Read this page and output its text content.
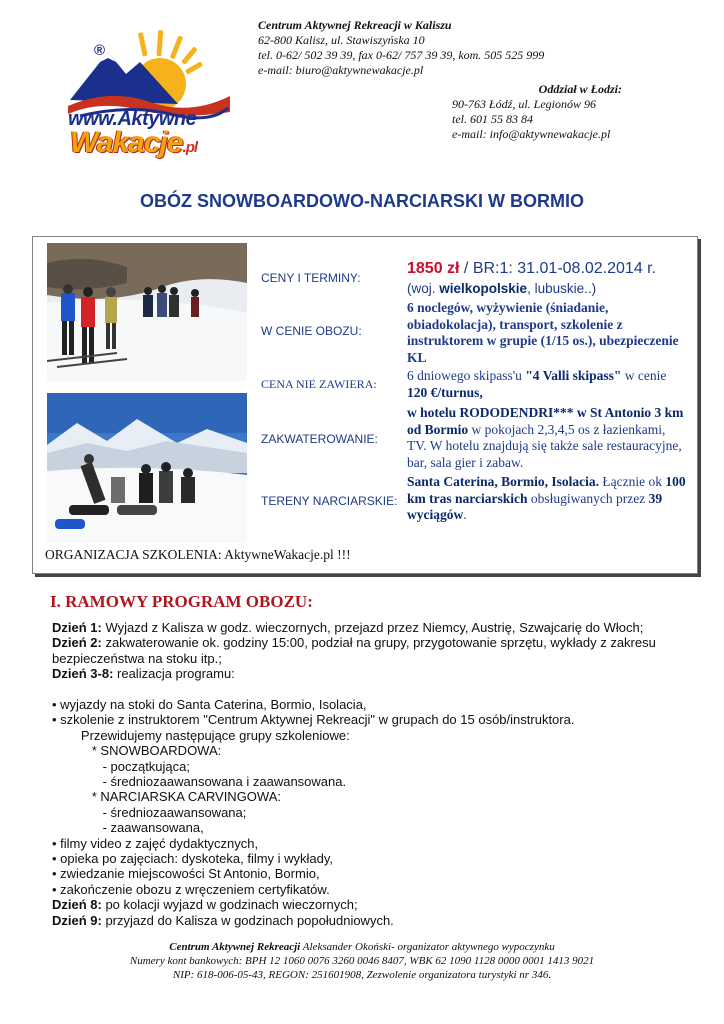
®
www.Aktywne
Wakacje.pl
Centrum Aktywnej Rekreacji w Kaliszu
62-800 Kalisz, ul. Stawiszyńska 10
tel. 0-62/ 502 39 39, fax 0-62/ 757 39 39, kom. 505 525 999
e-mail: biuro@aktywnewakacje.pl
Oddział w Łodzi:
90-763 Łódź, ul. Legionów 96
tel. 601 55 83 84
e-mail: info@aktywnewakacje.pl
OBÓZ SNOWBOARDOWO-NARCIARSKI W BORMIO
CENY I TERMINY:
W CENIE OBOZU:
CENA NIE ZAWIERA:
ZAKWATEROWANIE:
TERENY NARCIARSKIE:
1850 zł / BR:1: 31.01-08.02.2014 r.
(woj. wielkopolskie, lubuskie..)
6 noclegów, wyżywienie (śniadanie, obiadokolacja), transport, szkolenie z instruktorem w grupie (1/15 os.), ubezpieczenie KL
6 dniowego skipass'u "4 Valli skipass" w cenie 120 €/turnus,
w hotelu RODODENDRI*** w St Antonio 3 km od Bormio w pokojach 2,3,4,5 os z łazienkami, TV. W hotelu znajdują się także sale restauracyjne, bar, sala gier i zabaw.
Santa Caterina, Bormio, Isolacia. Łącznie ok 100 km tras narciarskich obsługiwanych przez 39 wyciągów.
ORGANIZACJA SZKOLENIA: AktywneWakacje.pl !!!
I. RAMOWY PROGRAM OBOZU:
Dzień 1: Wyjazd z Kalisza w godz. wieczornych, przejazd przez Niemcy, Austrię, Szwajcarię do Włoch;
Dzień 2: zakwaterowanie ok. godziny 15:00, podział na grupy, przygotowanie sprzętu, wykłady z zakresu
bezpieczeństwa na stoku itp.;
Dzień 3-8: realizacja programu:
• wyjazdy na stoki do Santa Caterina, Bormio, Isolacia,
• szkolenie z instruktorem "Centrum Aktywnej Rekreacji" w grupach do 15 osób/instruktora.
Przewidujemy następujące grupy szkoleniowe:
* SNOWBOARDOWA:
- początkująca;
- średniozaawansowana i zaawansowana.
* NARCIARSKA CARVINGOWA:
- średniozaawansowana;
- zaawansowana,
• filmy video z zajęć dydaktycznych,
• opieka po zajęciach: dyskoteka, filmy i wykłady,
• zwiedzanie miejscowości St Antonio, Bormio,
• zakończenie obozu z wręczeniem certyfikatów.
Dzień 8: po kolacji wyjazd w godzinach wieczornych;
Dzień 9: przyjazd do Kalisza w godzinach popołudniowych.
Centrum Aktywnej Rekreacji Aleksander Okoński- organizator aktywnego wypoczynku
Numery kont bankowych: BPH 12 1060 0076 3260 0046 8407, WBK 62 1090 1128 0000 0001 1413 9021
NIP: 618-006-05-43, REGON: 251601908, Zezwolenie organizatora turystyki nr 346.
